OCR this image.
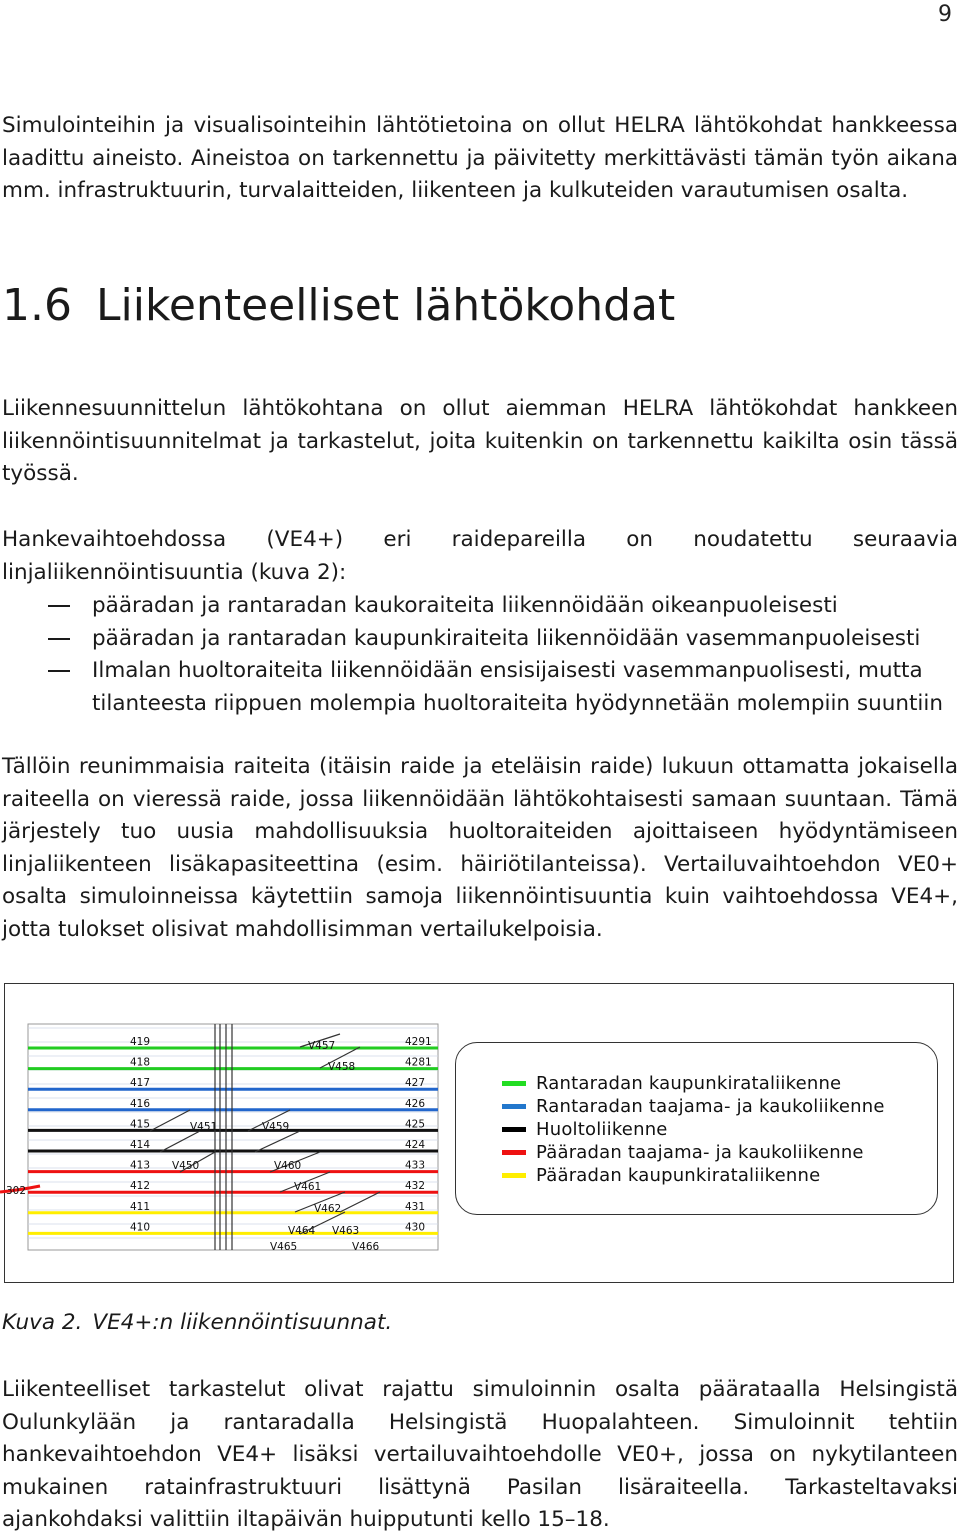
9

Simulointeihin ja visualisointeihin lähtötietoina on ollut HELRA lähtökohdat hankkeessa laadittu aineisto. Aineistoa on tarkennettu ja päivitetty merkittävästi tämän työn aikana mm. infrastruktuurin, turvalaitteiden, liikenteen ja kulkuteiden varautumisen osalta.

1.6 Liikenteelliset lähtökohdat

Liikennesuunnittelun lähtökohtana on ollut aiemman HELRA lähtökohdat hankkeen liikennöintisuunnitelmat ja tarkastelut, joita kuitenkin on tarkennettu kaikilta osin tässä työssä.

Hankevaihtoehdossa (VE4+) eri raidepareilla on noudatettu seuraavia linjaliikennöintisuuntia (kuva 2):

pääradan ja rantaradan kaukoraiteita liikennöidään oikeanpuoleisesti
pääradan ja rantaradan kaupunkiraiteita liikennöidään vasemmanpuoleisesti
Ilmalan huoltoraiteita liikennöidään ensisijaisesti vasemmanpuolisesti, mutta tilanteesta riippuen molempia huoltoraiteita hyödynnetään molempiin suuntiin

Tällöin reunimmaisia raiteita (itäisin raide ja eteläisin raide) lukuun ottamatta jokaisella raiteella on vieressä raide, jossa liikennöidään lähtökohtaisesti samaan suuntaan. Tämä järjestely tuo uusia mahdollisuuksia huoltoraiteiden ajoittaiseen hyödyntämiseen linjaliikenteen lisäkapasiteettina (esim. häiriötilanteissa). Vertailuvaihtoehdon VE0+ osalta simuloinneissa käytettiin samoja liikennöintisuuntia kuin vaihtoehdossa VE4+, jotta tulokset olisivat mahdollisimman vertailukelpoisia.

419
418
417
416
415
414
413
412
411
410
4291
4281
427
426
425
424
433
432
431
430
V457
V458
V451	V459
V450	V460
V461
V462
V464 V463
V465	V466
302
Rantaradan kaupunkirataliikenne
Rantaradan taajama- ja kaukoliikenne
Huoltoliikenne
Pääradan taajama- ja kaukoliikenne
Pääradan kaupunkirataliikenne

Kuva 2. VE4+:n liikennöintisuunnat.

Liikenteelliset tarkastelut olivat rajattu simuloinnin osalta päärataalla Helsingistä Oulunkylään ja rantaradalla Helsingistä Huopalahteen. Simuloinnit tehtiin hankevaihtoehdon VE4+ lisäksi vertailuvaihtoehdolle VE0+, jossa on nykytilanteen mukainen ratainfrastruktuuri lisättynä Pasilan lisäraiteella. Tarkasteltavaksi ajankohdaksi valittiin iltapäivän huipputunti kello 15–18.
